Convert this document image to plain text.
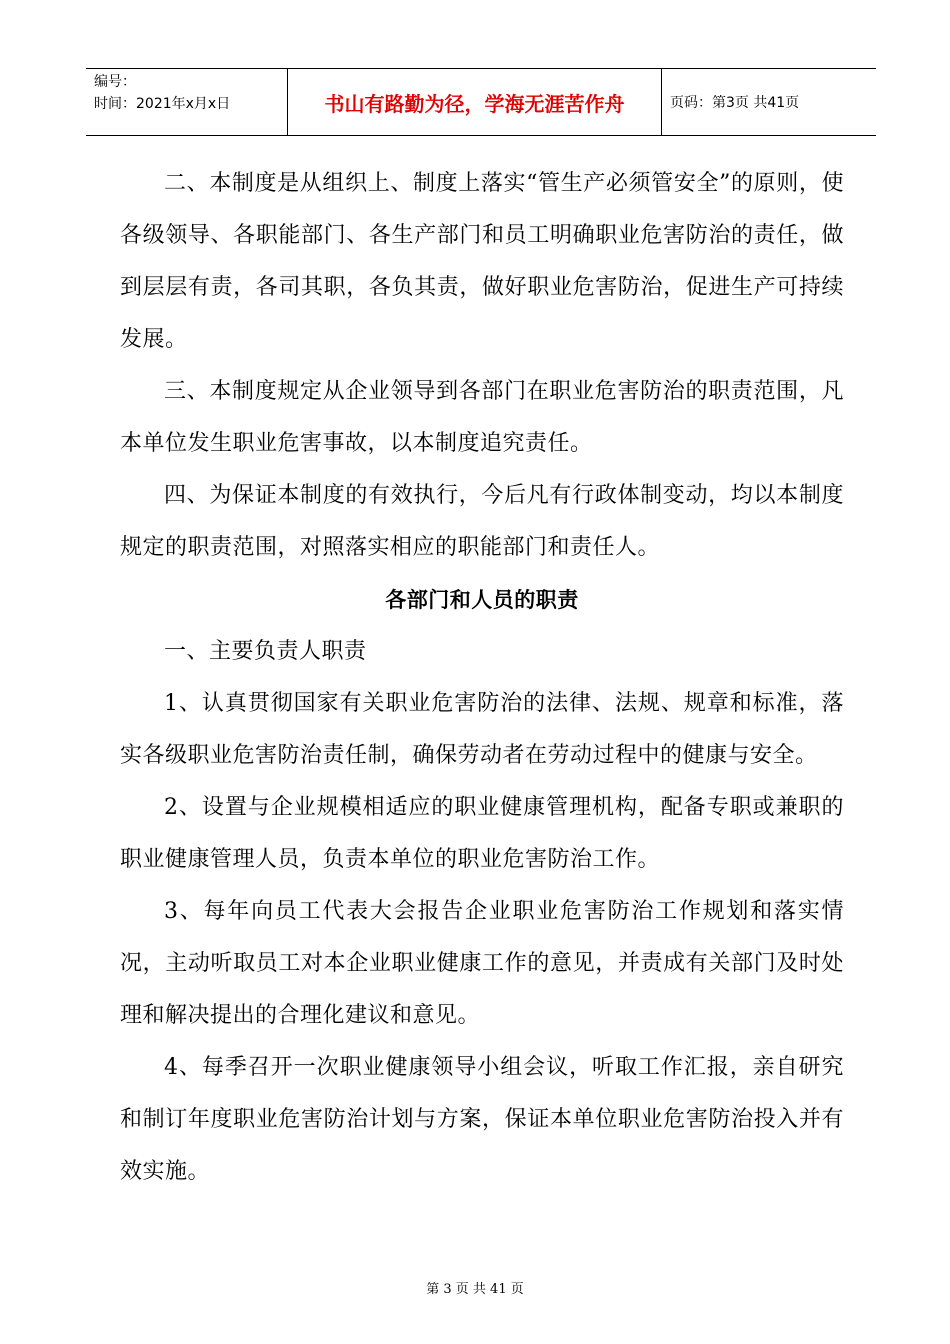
编号：
时间：2021年x月x日	书山有路勤为径，学海无涯苦作舟	页码：第3页 共41页

二、本制度是从组织上、制度上落实“管生产必须管安全”的原则，使各级领导、各职能部门、各生产部门和员工明确职业危害防治的责任，做到层层有责，各司其职，各负其责，做好职业危害防治，促进生产可持续发展。

三、本制度规定从企业领导到各部门在职业危害防治的职责范围，凡本单位发生职业危害事故，以本制度追究责任。

四、为保证本制度的有效执行，今后凡有行政体制变动，均以本制度规定的职责范围，对照落实相应的职能部门和责任人。

各部门和人员的职责

一、主要负责人职责

1、认真贯彻国家有关职业危害防治的法律、法规、规章和标准，落实各级职业危害防治责任制，确保劳动者在劳动过程中的健康与安全。

2、设置与企业规模相适应的职业健康管理机构，配备专职或兼职的职业健康管理人员，负责本单位的职业危害防治工作。

3、每年向员工代表大会报告企业职业危害防治工作规划和落实情况，主动听取员工对本企业职业健康工作的意见，并责成有关部门及时处理和解决提出的合理化建议和意见。

4、每季召开一次职业健康领导小组会议，听取工作汇报，亲自研究和制订年度职业危害防治计划与方案，保证本单位职业危害防治投入并有效实施。

第 3 页 共 41 页
